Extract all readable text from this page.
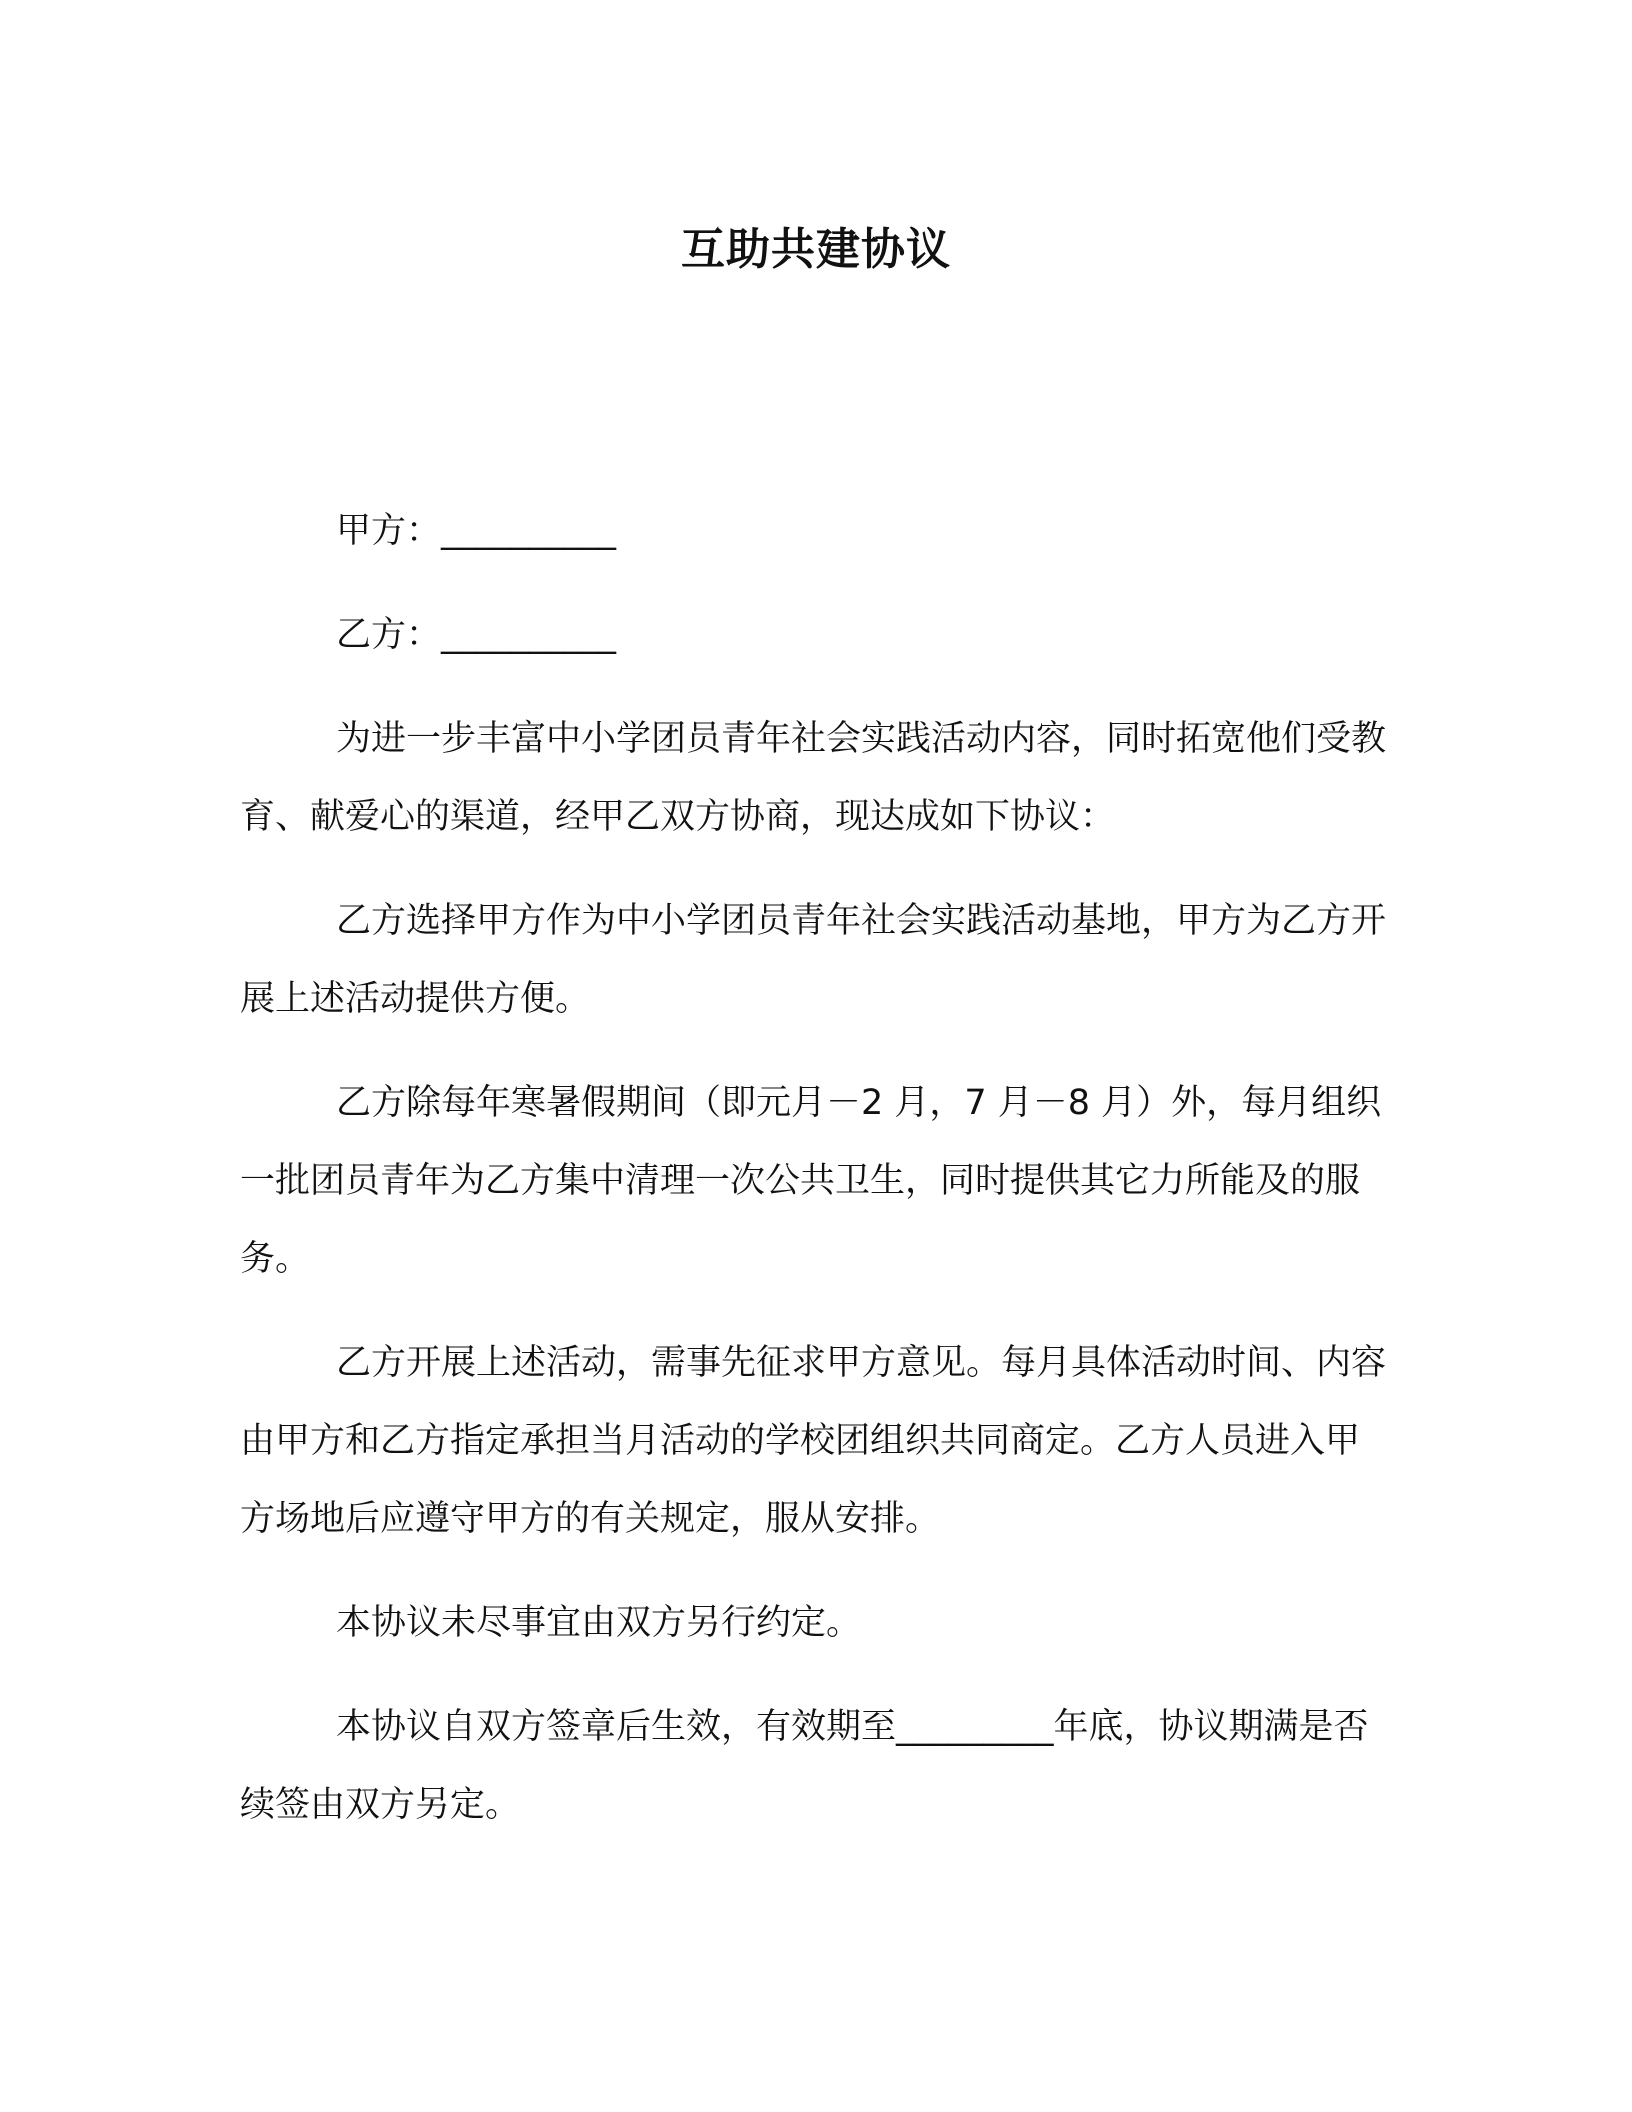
互助共建协议

甲方：__________

乙方：__________

为进一步丰富中小学团员青年社会实践活动内容，同时拓宽他们受教育、献爱心的渠道，经甲乙双方协商，现达成如下协议：

乙方选择甲方作为中小学团员青年社会实践活动基地，甲方为乙方开展上述活动提供方便。

乙方除每年寒暑假期间（即元月－2 月，7 月－8 月）外，每月组织一批团员青年为乙方集中清理一次公共卫生，同时提供其它力所能及的服务。

乙方开展上述活动，需事先征求甲方意见。每月具体活动时间、内容由甲方和乙方指定承担当月活动的学校团组织共同商定。乙方人员进入甲方场地后应遵守甲方的有关规定，服从安排。

本协议未尽事宜由双方另行约定。

本协议自双方签章后生效，有效期至_________年底，协议期满是否续签由双方另定。
